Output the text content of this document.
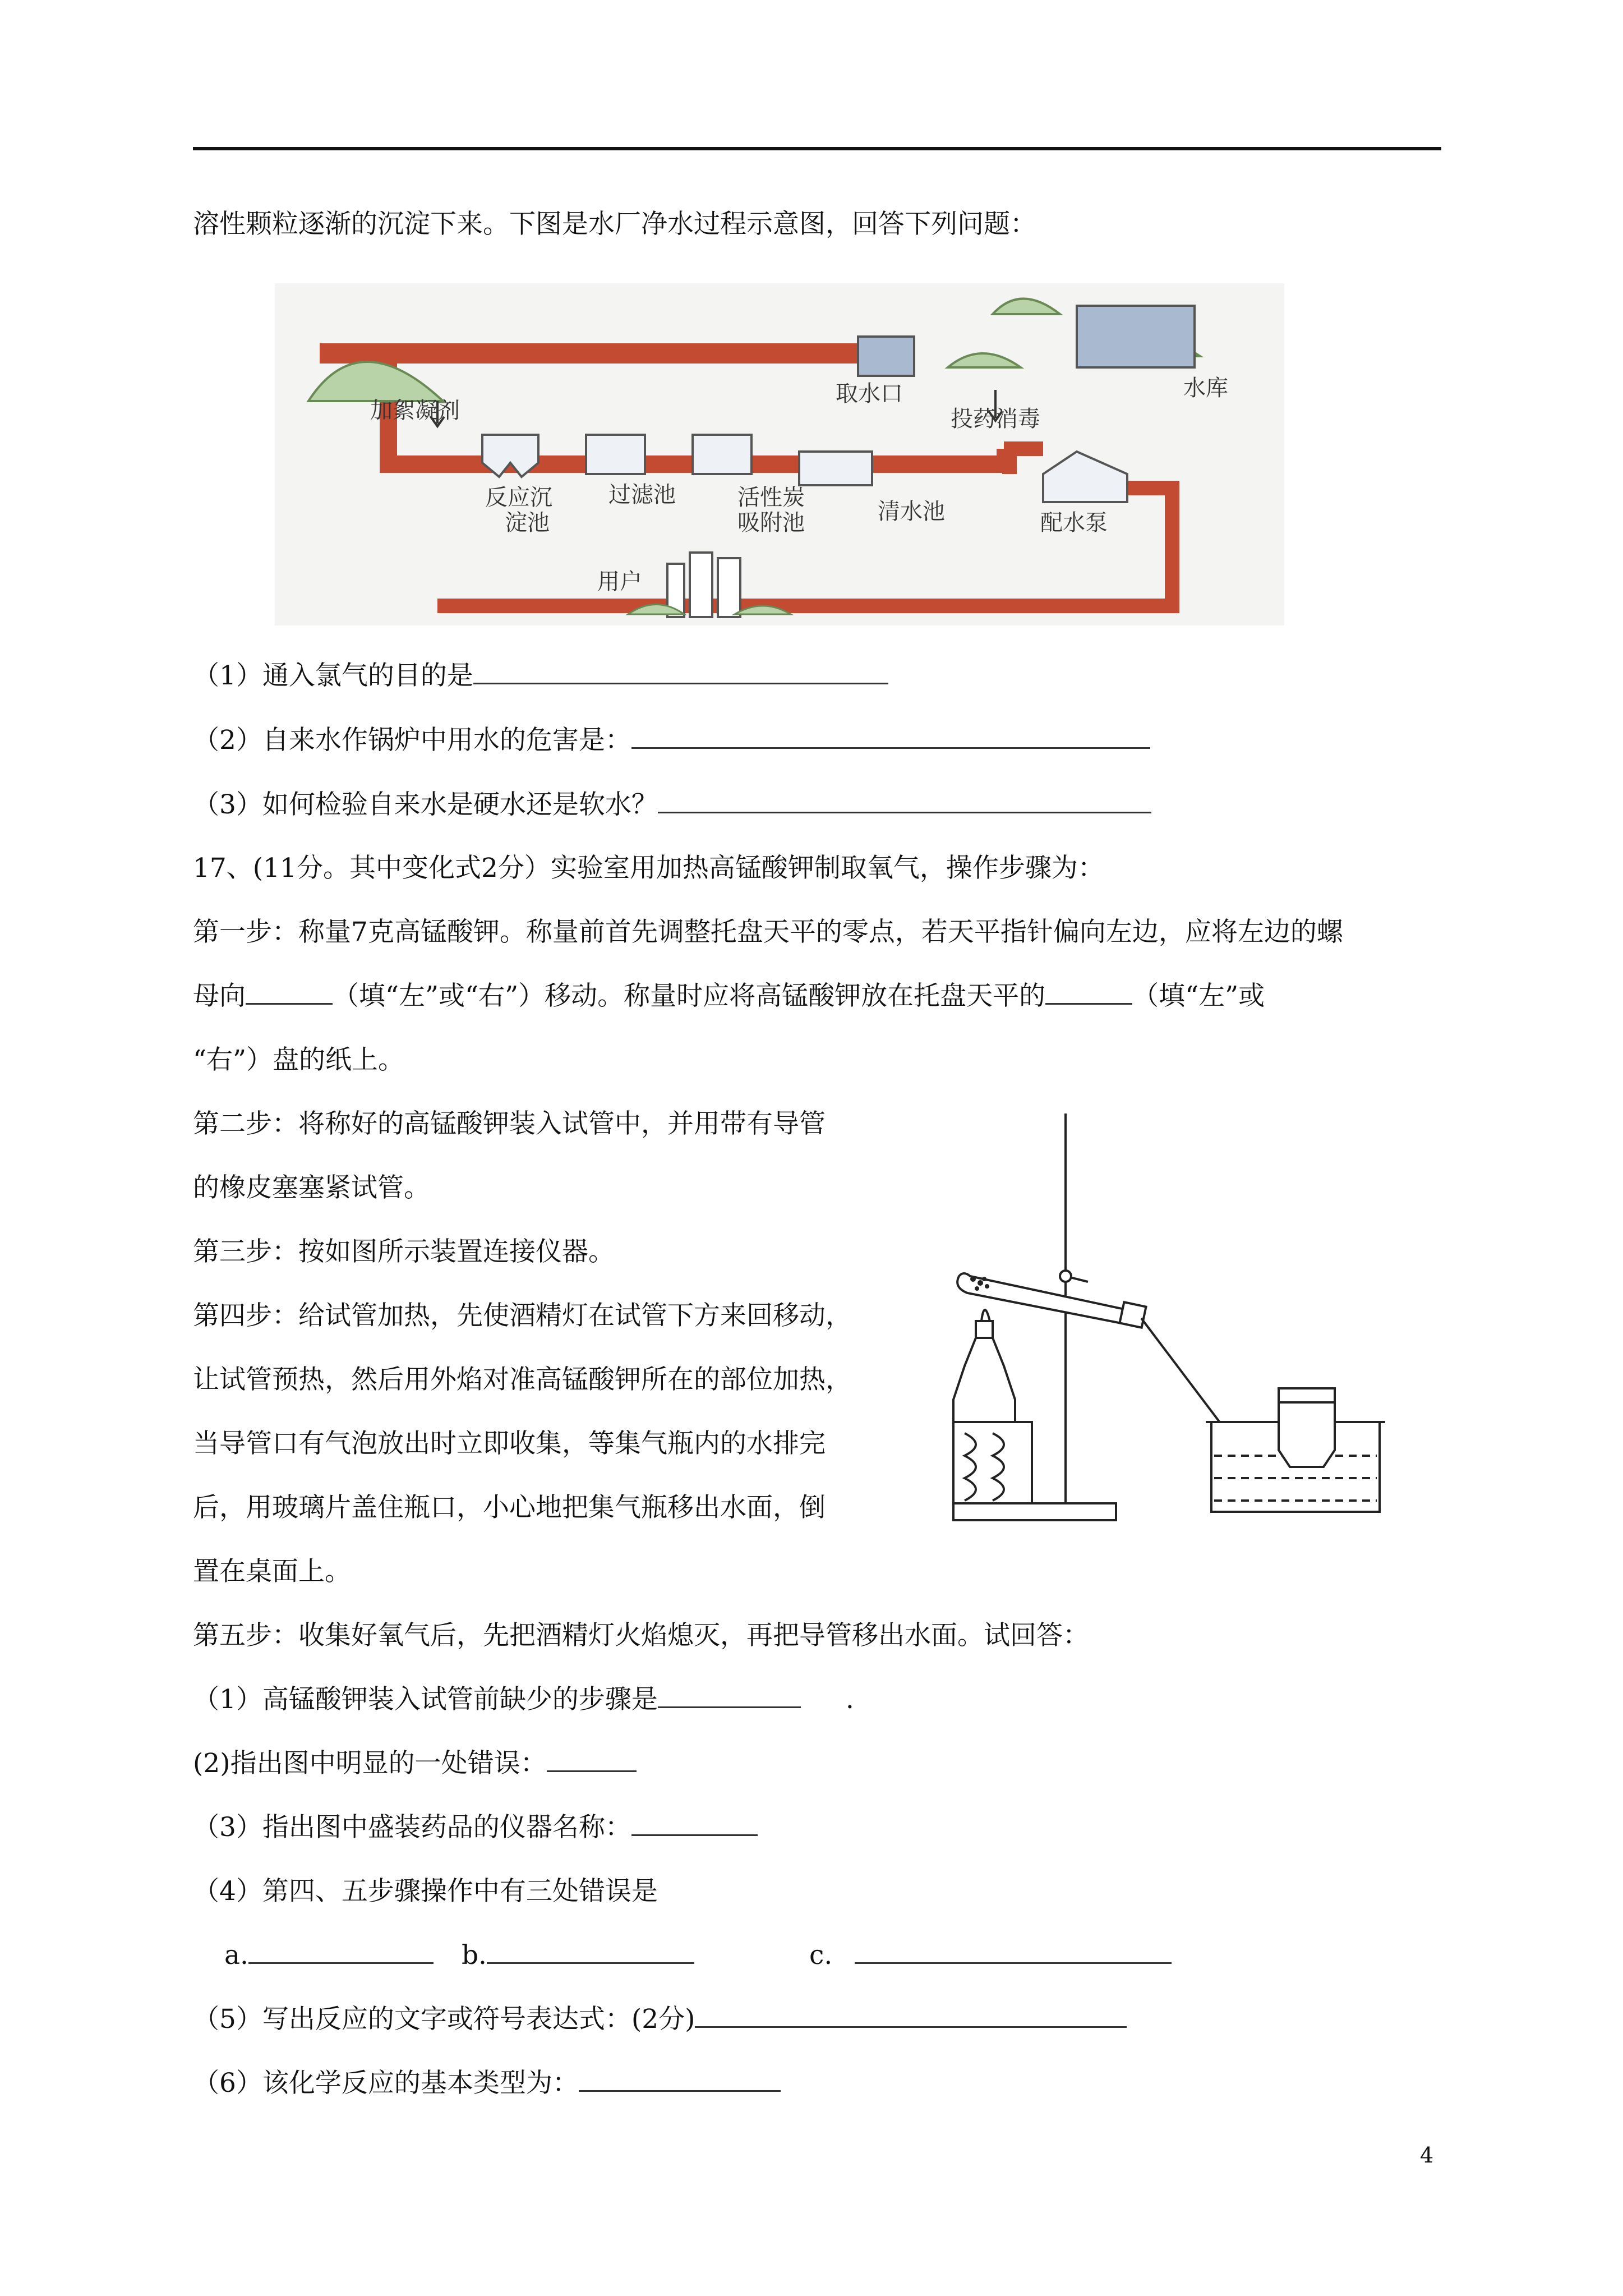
溶性颗粒逐渐的沉淀下来。下图是水厂净水过程示意图，回答下列问题：
加絮凝剂
取水口	水库
投药消毒
反应沉
淀池
过滤池	活性炭
吸附池	清水池	配水泵
用户
（1）通入氯气的目的是
（2）自来水作锅炉中用水的危害是：
（3）如何检验自来水是硬水还是软水？
17、(11分。其中变化式2分）实验室用加热高锰酸钾制取氧气，操作步骤为：
第一步：称量7克高锰酸钾。称量前首先调整托盘天平的零点，若天平指针偏向左边，应将左边的螺
母向	（填“左”或“右”）移动。称量时应将高锰酸钾放在托盘天平的	（填“左”或
“右”）盘的纸上。
第二步：将称好的高锰酸钾装入试管中，并用带有导管
的橡皮塞塞紧试管。
第三步：按如图所示装置连接仪器。
第四步：给试管加热，先使酒精灯在试管下方来回移动，
让试管预热，然后用外焰对准高锰酸钾所在的部位加热，
当导管口有气泡放出时立即收集，等集气瓶内的水排完
后，用玻璃片盖住瓶口，小心地把集气瓶移出水面，倒
置在桌面上。
第五步：收集好氧气后，先把酒精灯火焰熄灭，再把导管移出水面。试回答：
（1）高锰酸钾装入试管前缺少的步骤是	.
(2)指出图中明显的一处错误：
（3）指出图中盛装药品的仪器名称：
（4）第四、五步骤操作中有三处错误是
a.	b.	c.
（5）写出反应的文字或符号表达式：(2分)
（6）该化学反应的基本类型为：
4
